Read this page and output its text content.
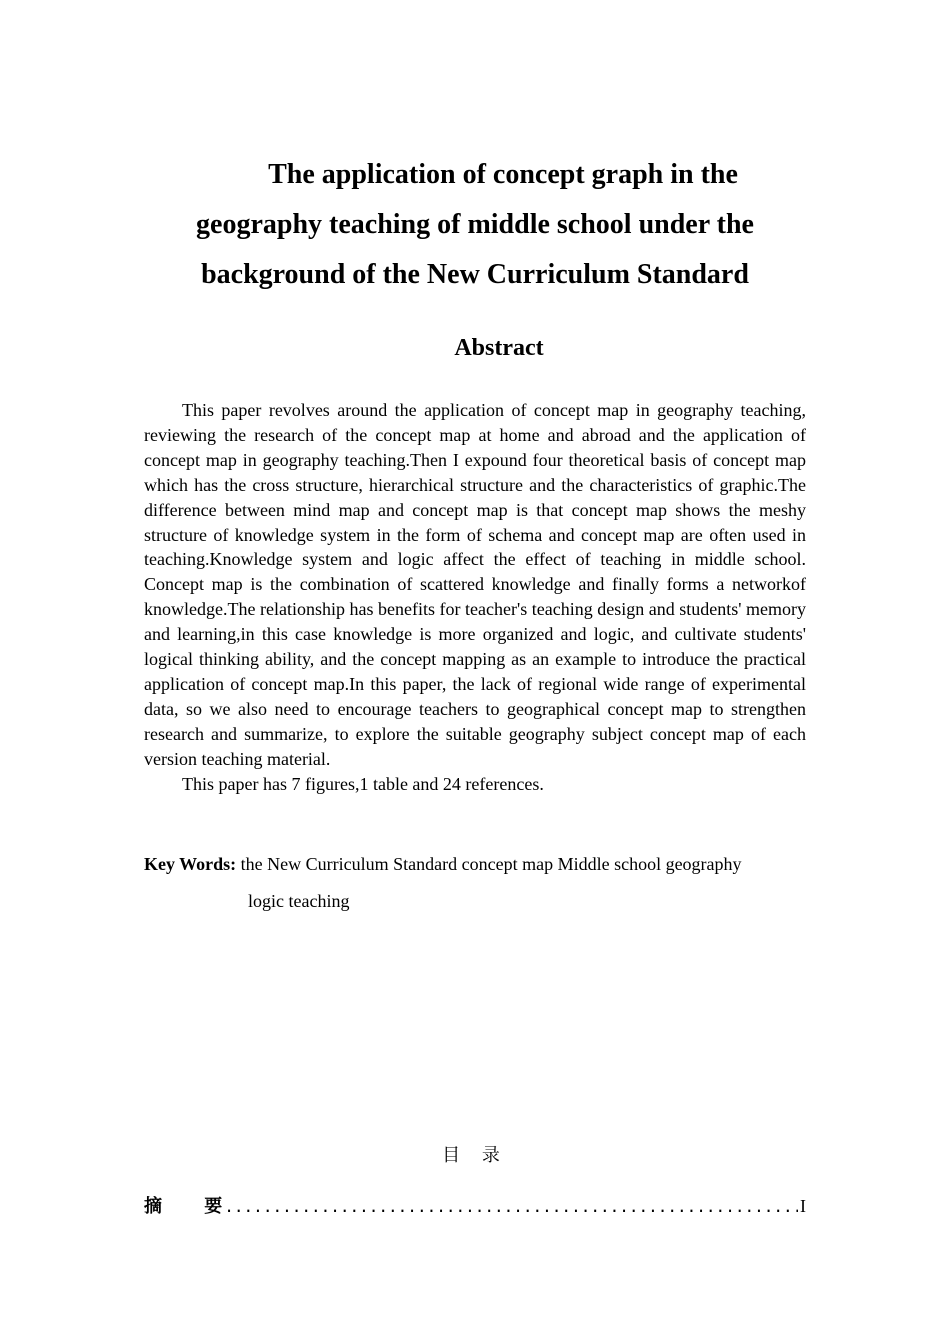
The application of concept graph in the
geography teaching of middle school under the
background of the New Curriculum Standard
Abstract

This paper revolves around the application of concept map in geography teaching, reviewing the research of the concept map at home and abroad and the application of concept map in geography teaching.Then I expound four theoretical basis of concept map which has the cross structure, hierarchical structure and the characteristics of graphic.The difference between mind map and concept map is that concept map shows the meshy structure of knowledge system in the form of schema and concept map are often used in teaching.Knowledge system and logic affect the effect of teaching in middle school. Concept map is the combination of scattered knowledge and finally forms a networkof knowledge.The relationship has benefits for teacher's teaching design and students' memory and learning,in this case knowledge is more organized and logic, and cultivate students' logical thinking ability, and the concept mapping as an example to introduce the practical application of concept map.In this paper, the lack of regional wide range of experimental data, so we also need to encourage teachers to geographical concept map to strengthen research and summarize, to explore the suitable geography subject concept map of each version teaching material.

This paper has 7 figures,1 table and 24 references.

Key Words: the New Curriculum Standard concept map Middle school geography
logic teaching
目 录
摘 要 .....	I
